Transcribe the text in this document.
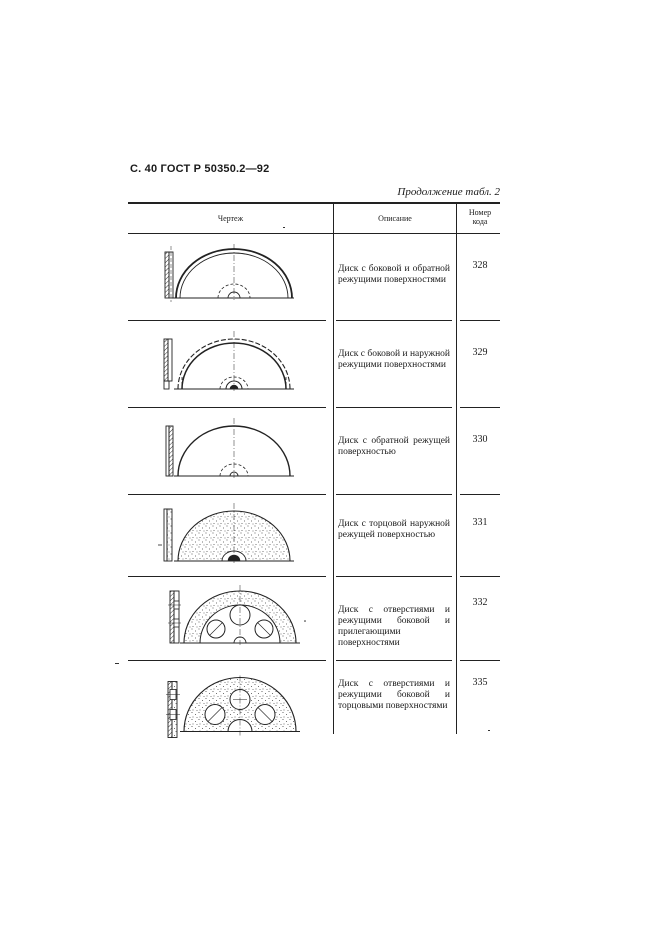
С. 40 ГОСТ Р 50350.2—92
Продолжение табл. 2
Чертеж	Описание
Номер кода
Диск с боковой и обратной режущими поверхностями
328
Диск с боковой и наружной режущими поверхностями
329
Диск с обратной режущей поверхностью
330
Диск с торцовой наружной режущей поверхностью
331
Диск с отверстиями и режущими боковой и прилегающими поверхностями
332
Диск с отверстиями и режущими боковой и торцовыми поверхностями
335
